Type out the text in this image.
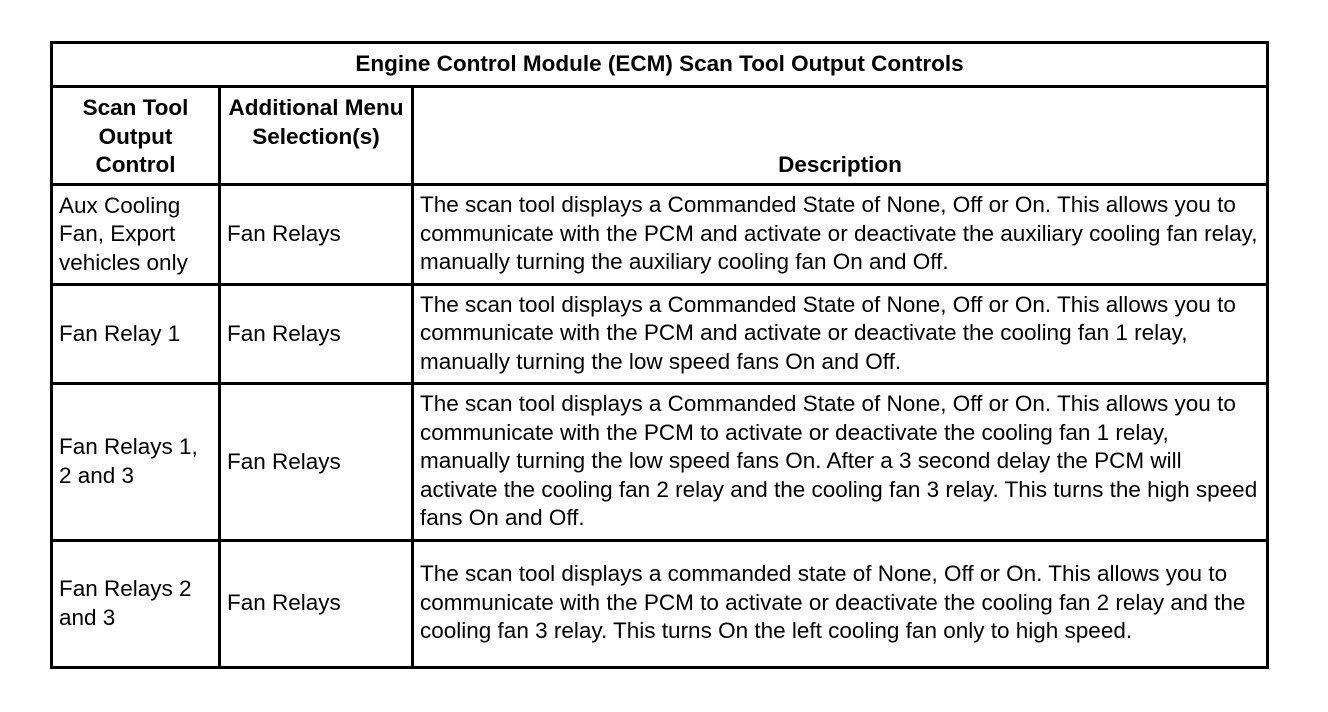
Engine Control Module (ECM) Scan Tool Output Controls		
Scan Tool Output Control	Additional Menu Selection(s)	Description
Aux Cooling Fan, Export vehicles only	Fan Relays	The scan tool displays a Commanded State of None, Off or On. This allows you to communicate with the PCM and activate or deactivate the auxiliary cooling fan relay, manually turning the auxiliary cooling fan On and Off.
Fan Relay 1	Fan Relays	The scan tool displays a Commanded State of None, Off or On. This allows you to communicate with the PCM and activate or deactivate the cooling fan 1 relay, manually turning the low speed fans On and Off.
Fan Relays 1, 2 and 3	Fan Relays	The scan tool displays a Commanded State of None, Off or On. This allows you to communicate with the PCM to activate or deactivate the cooling fan 1 relay, manually turning the low speed fans On. After a 3 second delay the PCM will activate the cooling fan 2 relay and the cooling fan 3 relay. This turns the high speed fans On and Off.
Fan Relays 2 and 3	Fan Relays	The scan tool displays a commanded state of None, Off or On. This allows you to communicate with the PCM to activate or deactivate the cooling fan 2 relay and the cooling fan 3 relay. This turns On the left cooling fan only to high speed.
